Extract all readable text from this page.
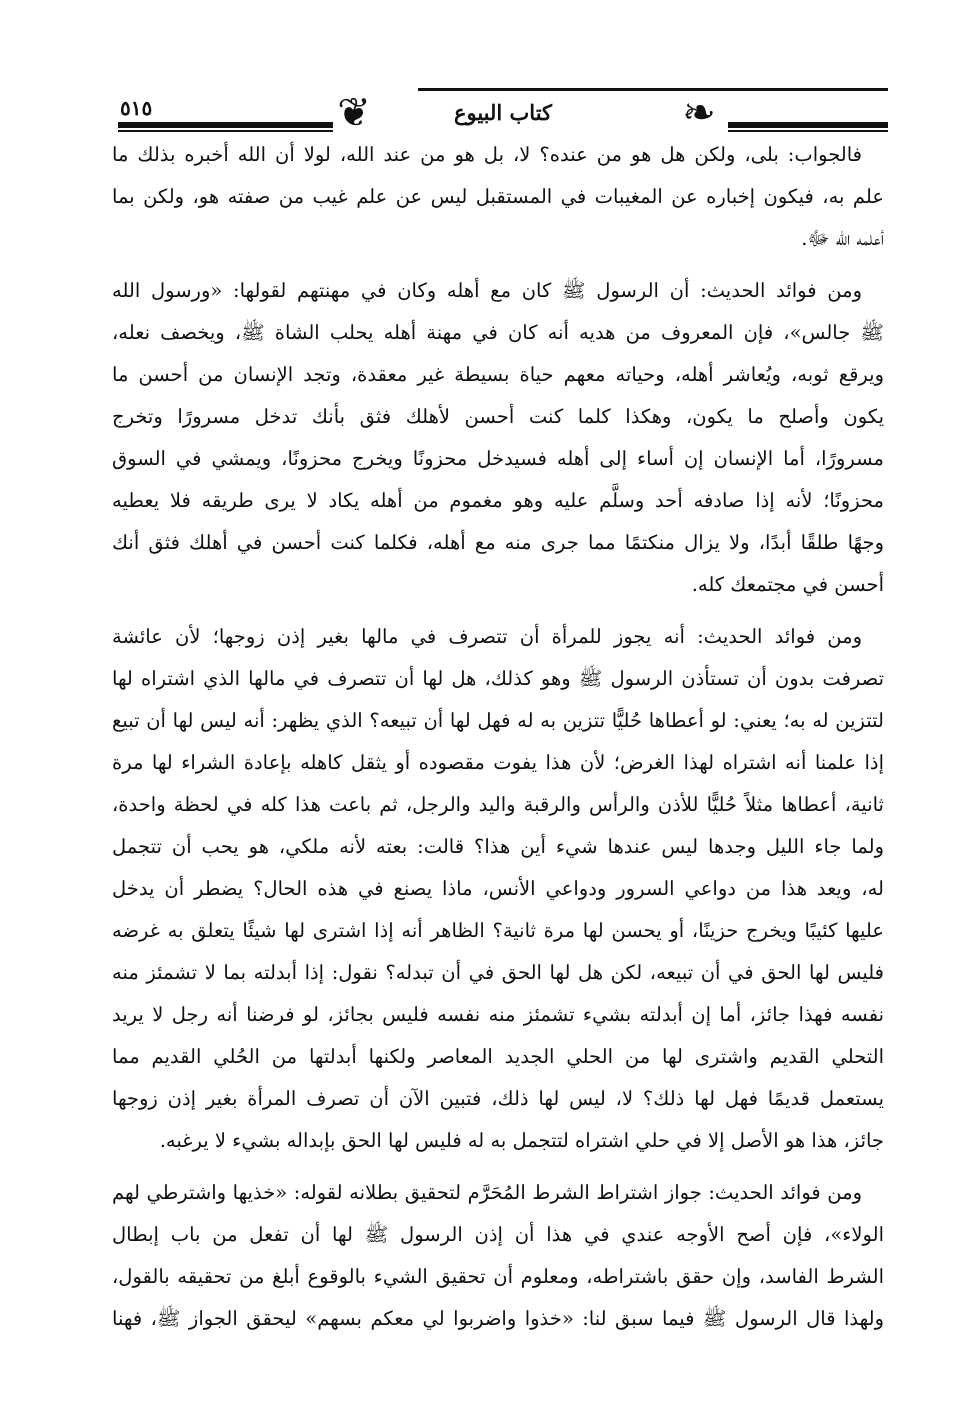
❦	❧
٥١٥	كتاب البيوع
فالجواب: بلى، ولكن هل هو من عنده؟ لا، بل هو من عند الله، لولا أن الله أخبره بذلك ما
علم به، فيكون إخباره عن المغيبات في المستقبل ليس عن علم غيب من صفته هو، ولكن بما
أعلمه الله ﷻ.
ومن فوائد الحديث: أن الرسول ﷺ كان مع أهله وكان في مهنتهم لقولها: «ورسول الله
ﷺ جالس»، فإن المعروف من هديه أنه كان في مهنة أهله يحلب الشاة ﷺ، ويخصف نعله،
ويرقع ثوبه، ويُعاشر أهله، وحياته معهم حياة بسيطة غير معقدة، وتجد الإنسان من أحسن ما
يكون وأصلح ما يكون، وهكذا كلما كنت أحسن لأهلك فثق بأنك تدخل مسرورًا وتخرج
مسرورًا، أما الإنسان إن أساء إلى أهله فسيدخل محزونًا ويخرج محزونًا، ويمشي في السوق
محزونًا؛ لأنه إذا صادفه أحد وسلَّم عليه وهو مغموم من أهله يكاد لا يرى طريقه فلا يعطيه
وجهًا طلقًا أبدًا، ولا يزال منكتمًا مما جرى منه مع أهله، فكلما كنت أحسن في أهلك فثق أنك
أحسن في مجتمعك كله.
ومن فوائد الحديث: أنه يجوز للمرأة أن تتصرف في مالها بغير إذن زوجها؛ لأن عائشة
تصرفت بدون أن تستأذن الرسول ﷺ وهو كذلك، هل لها أن تتصرف في مالها الذي اشتراه لها
لتتزين له به؛ يعني: لو أعطاها حُليًّا تتزين به له فهل لها أن تبيعه؟ الذي يظهر: أنه ليس لها أن تبيع
إذا علمنا أنه اشتراه لهذا الغرض؛ لأن هذا يفوت مقصوده أو يثقل كاهله بإعادة الشراء لها مرة
ثانية، أعطاها مثلاً حُليًّا للأذن والرأس والرقبة واليد والرجل، ثم باعت هذا كله في لحظة واحدة،
ولما جاء الليل وجدها ليس عندها شيء أين هذا؟ قالت: بعته لأنه ملكي، هو يحب أن تتجمل
له، ويعد هذا من دواعي السرور ودواعي الأنس، ماذا يصنع في هذه الحال؟ يضطر أن يدخل
عليها كئيبًا ويخرج حزينًا، أو يحسن لها مرة ثانية؟ الظاهر أنه إذا اشترى لها شيئًا يتعلق به غرضه
فليس لها الحق في أن تبيعه، لكن هل لها الحق في أن تبدله؟ نقول: إذا أبدلته بما لا تشمئز منه
نفسه فهذا جائز، أما إن أبدلته بشيء تشمئز منه نفسه فليس بجائز، لو فرضنا أنه رجل لا يريد
التحلي القديم واشترى لها من الحلي الجديد المعاصر ولكنها أبدلتها من الحُلي القديم مما
يستعمل قديمًا فهل لها ذلك؟ لا، ليس لها ذلك، فتبين الآن أن تصرف المرأة بغير إذن زوجها
جائز، هذا هو الأصل إلا في حلي اشتراه لتتجمل به له فليس لها الحق بإبداله بشيء لا يرغبه.
ومن فوائد الحديث: جواز اشتراط الشرط المُحَرَّم لتحقيق بطلانه لقوله: «خذيها واشترطي لهم
الولاء»، فإن أصح الأوجه عندي في هذا أن إذن الرسول ﷺ لها أن تفعل من باب إبطال
الشرط الفاسد، وإن حقق باشتراطه، ومعلوم أن تحقيق الشيء بالوقوع أبلغ من تحقيقه بالقول،
ولهذا قال الرسول ﷺ فيما سبق لنا: «خذوا واضربوا لي معكم بسهم» ليحقق الجواز ﷺ، فهنا
